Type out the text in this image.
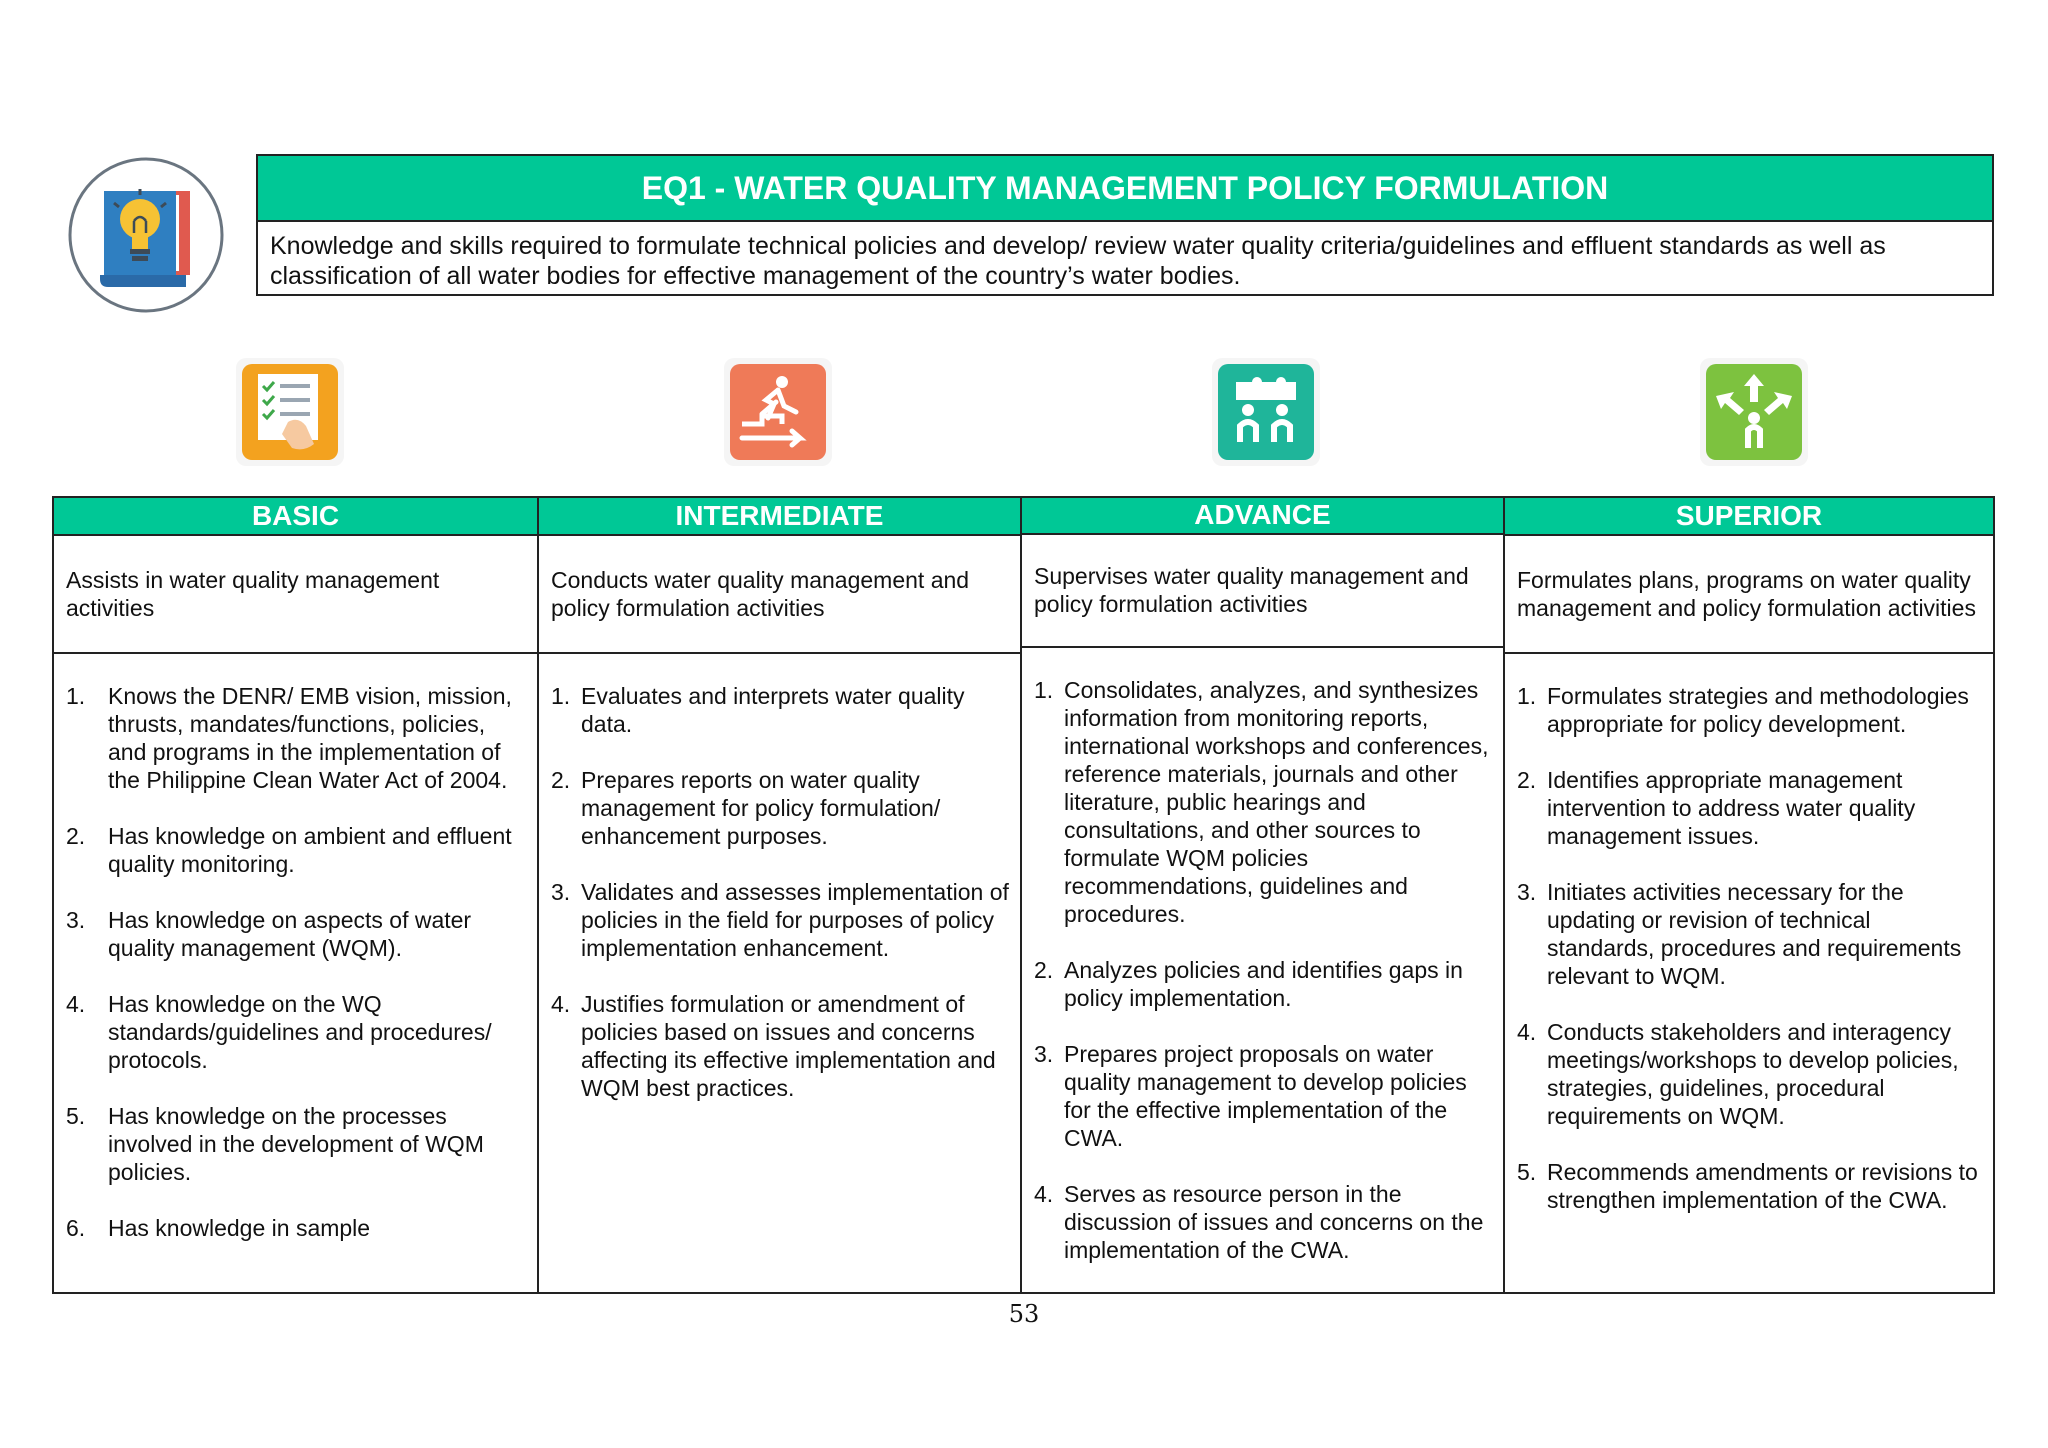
EQ1 - WATER QUALITY MANAGEMENT POLICY FORMULATION
Knowledge and skills required to formulate technical policies and develop/ review water quality criteria/guidelines and effluent standards as well as classification of all water bodies for effective management of the country’s water bodies.
BASIC
Assists in water quality management activities
1. Knows the DENR/ EMB vision, mission, thrusts, mandates/functions, policies, and programs in the implementation of the Philippine Clean Water Act of 2004.
2. Has knowledge on ambient and effluent quality monitoring.
3. Has knowledge on aspects of water quality management (WQM).
4. Has knowledge on the WQ standards/guidelines and procedures/ protocols.
5. Has knowledge on the processes involved in the development of WQM policies.
6. Has knowledge in sample
INTERMEDIATE
Conducts water quality management and policy formulation activities
1. Evaluates and interprets water quality data.
2. Prepares reports on water quality management for policy formulation/ enhancement purposes.
3. Validates and assesses implementation of policies in the field for purposes of policy implementation enhancement.
4. Justifies formulation or amendment of policies based on issues and concerns affecting its effective implementation and WQM best practices.
ADVANCE
Supervises water quality management and policy formulation activities
1. Consolidates, analyzes, and synthesizes information from monitoring reports, international workshops and conferences, reference materials, journals and other literature, public hearings and consultations, and other sources to formulate WQM policies recommendations, guidelines and procedures.
2. Analyzes policies and identifies gaps in policy implementation.
3. Prepares project proposals on water quality management to develop policies for the effective implementation of the CWA.
4. Serves as resource person in the discussion of issues and concerns on the implementation of the CWA.
SUPERIOR
Formulates plans, programs on water quality management and policy formulation activities
1. Formulates strategies and methodologies appropriate for policy development.
2. Identifies appropriate management intervention to address water quality management issues.
3. Initiates activities necessary for the updating or revision of technical standards, procedures and requirements relevant to WQM.
4. Conducts stakeholders and interagency meetings/workshops to develop policies, strategies, guidelines, procedural requirements on WQM.
5. Recommends amendments or revisions to strengthen implementation of the CWA.
53
